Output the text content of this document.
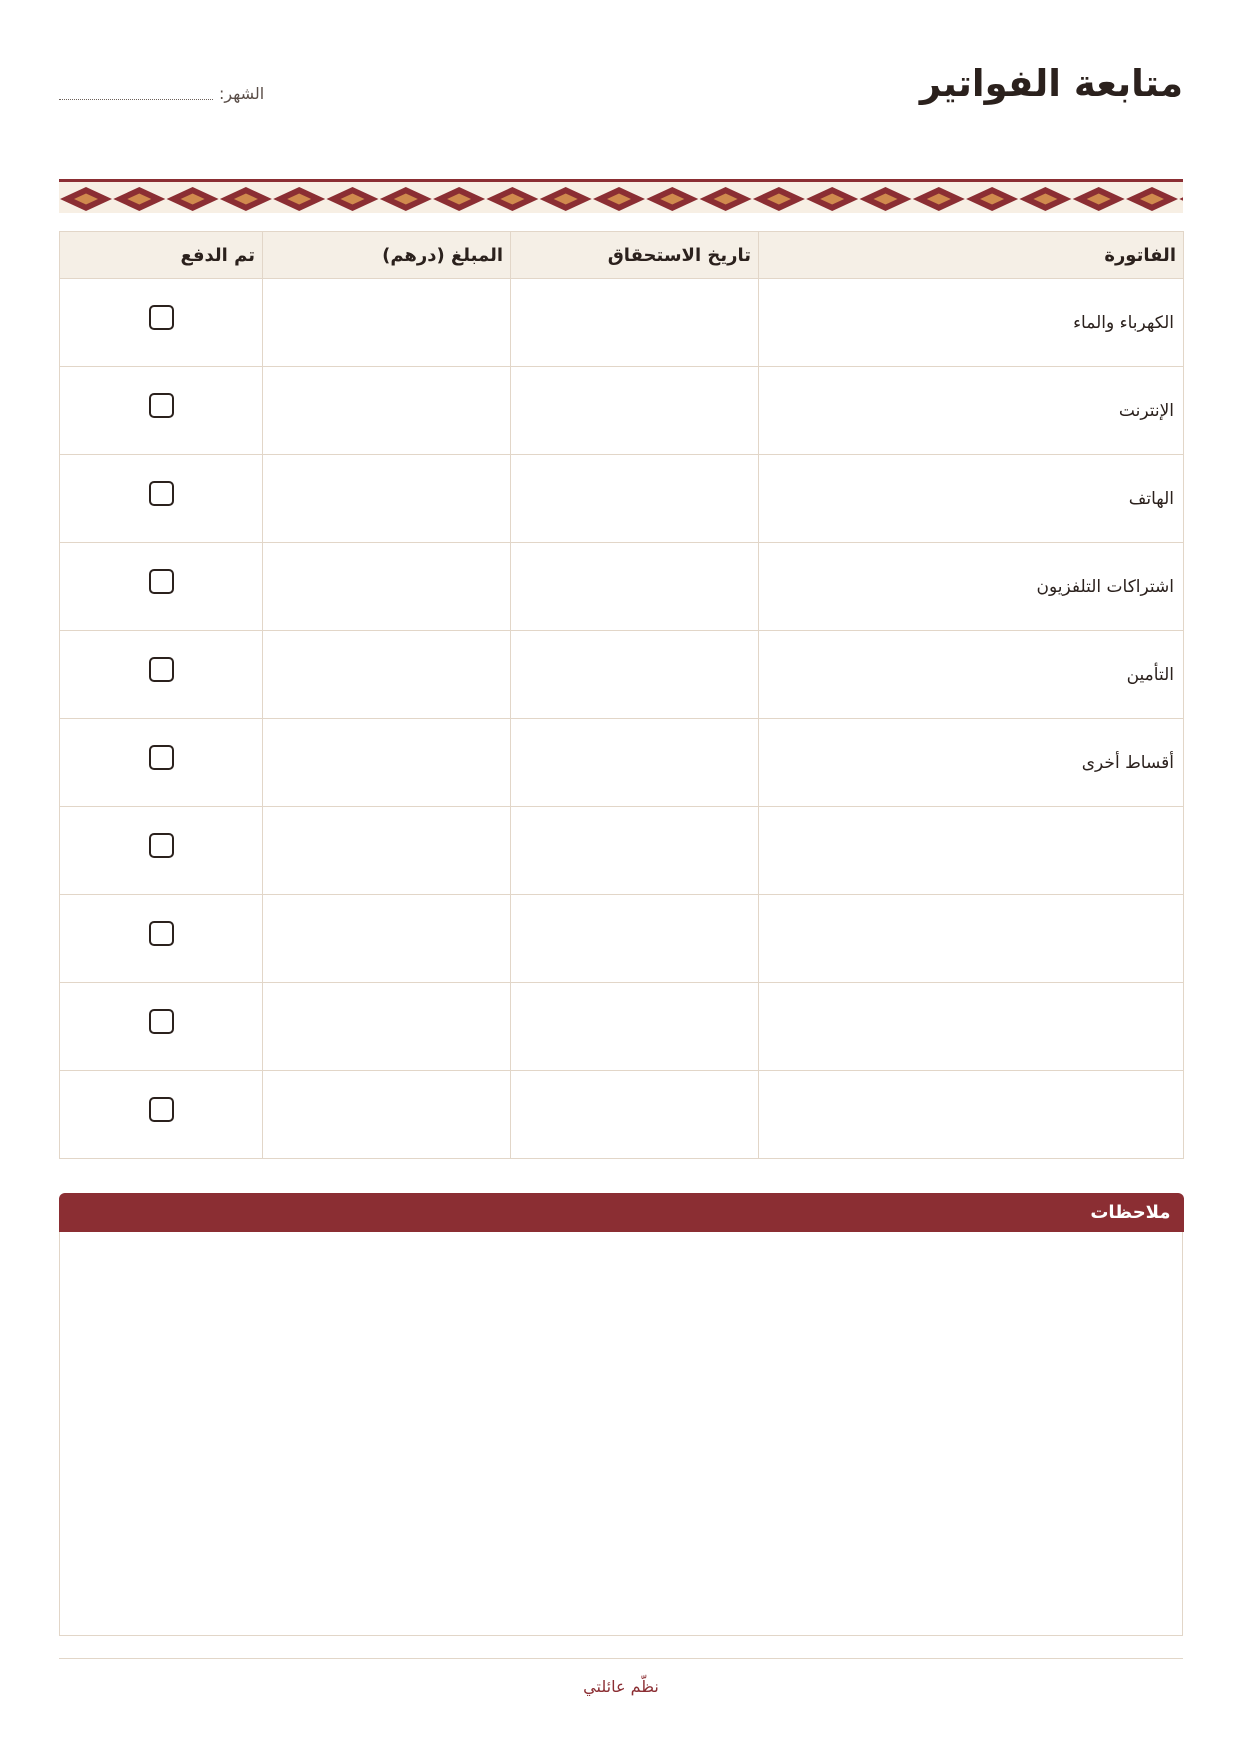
متابعة الفواتير
الشهر:
الفاتورة	تاريخ الاستحقاق	المبلغ (درهم)	تم الدفع
الكهرباء والماء			
الإنترنت			
الهاتف			
اشتراكات التلفزيون			
التأمين			
أقساط أخرى			

ملاحظات
نظّم عائلتي
